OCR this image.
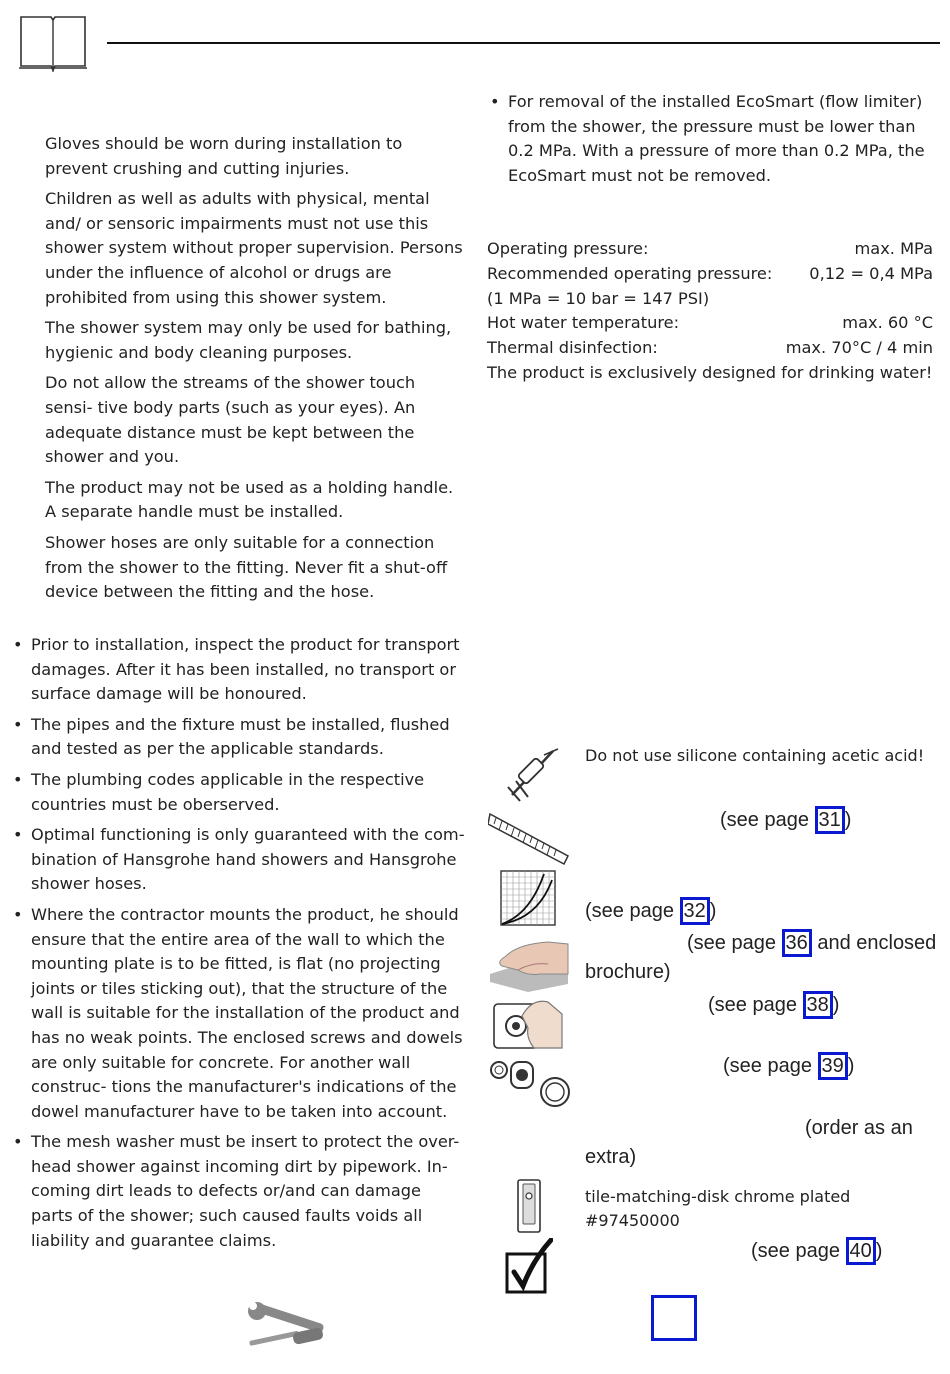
Gloves should be worn during installation to prevent crushing and cutting injuries.

Children as well as adults with physical, mental and/ or sensoric impairments must not use this shower system without proper supervision. Persons under the influence of alcohol or drugs are prohibited from using this shower system.

The shower system may only be used for bathing, hygienic and body cleaning purposes.

Do not allow the streams of the shower touch sensi- tive body parts (such as your eyes). An adequate distance must be kept between the shower and you.

The product may not be used as a holding handle. A separate handle must be installed.

Shower hoses are only suitable for a connection from the shower to the fitting. Never fit a shut-off device between the fitting and the hose.

• Prior to installation, inspect the product for transport damages. After it has been installed, no transport or surface damage will be honoured.
• The pipes and the fixture must be installed, flushed and tested as per the applicable standards.
• The plumbing codes applicable in the respective countries must be oberserved.
• Optimal functioning is only guaranteed with the com- bination of Hansgrohe hand showers and Hansgrohe shower hoses.
• Where the contractor mounts the product, he should ensure that the entire area of the wall to which the mounting plate is to be fitted, is flat (no projecting joints or tiles sticking out), that the structure of the wall is suitable for the installation of the product and has no weak points. The enclosed screws and dowels are only suitable for concrete. For another wall construc- tions the manufacturer's indications of the dowel manufacturer have to be taken into account.
• The mesh washer must be insert to protect the over- head shower against incoming dirt by pipework. In- coming dirt leads to defects or/and can damage parts of the shower; such caused faults voids all liability and guarantee claims.
• For removal of the installed EcoSmart (flow limiter) from the shower, the pressure must be lower than 0.2 MPa. With a pressure of more than 0.2 MPa, the EcoSmart must not be removed.
Operating pressure:	max. MPa
Recommended operating pressure: 0,12 = 0,4 MPa
(1 MPa = 10 bar = 147 PSI)
Hot water temperature:	max. 60 °C
Thermal disinfection:	max. 70°C / 4 min
The product is exclusively designed for drinking water!
Do not use silicone containing acetic acid!
(see page 31 )
(see page 32 )
(see page 36 and enclosed
brochure)
(see page 38 )
(see page 39 )
(order as an
extra)
tile-matching-disk chrome plated
#97450000
(see page 40 )
